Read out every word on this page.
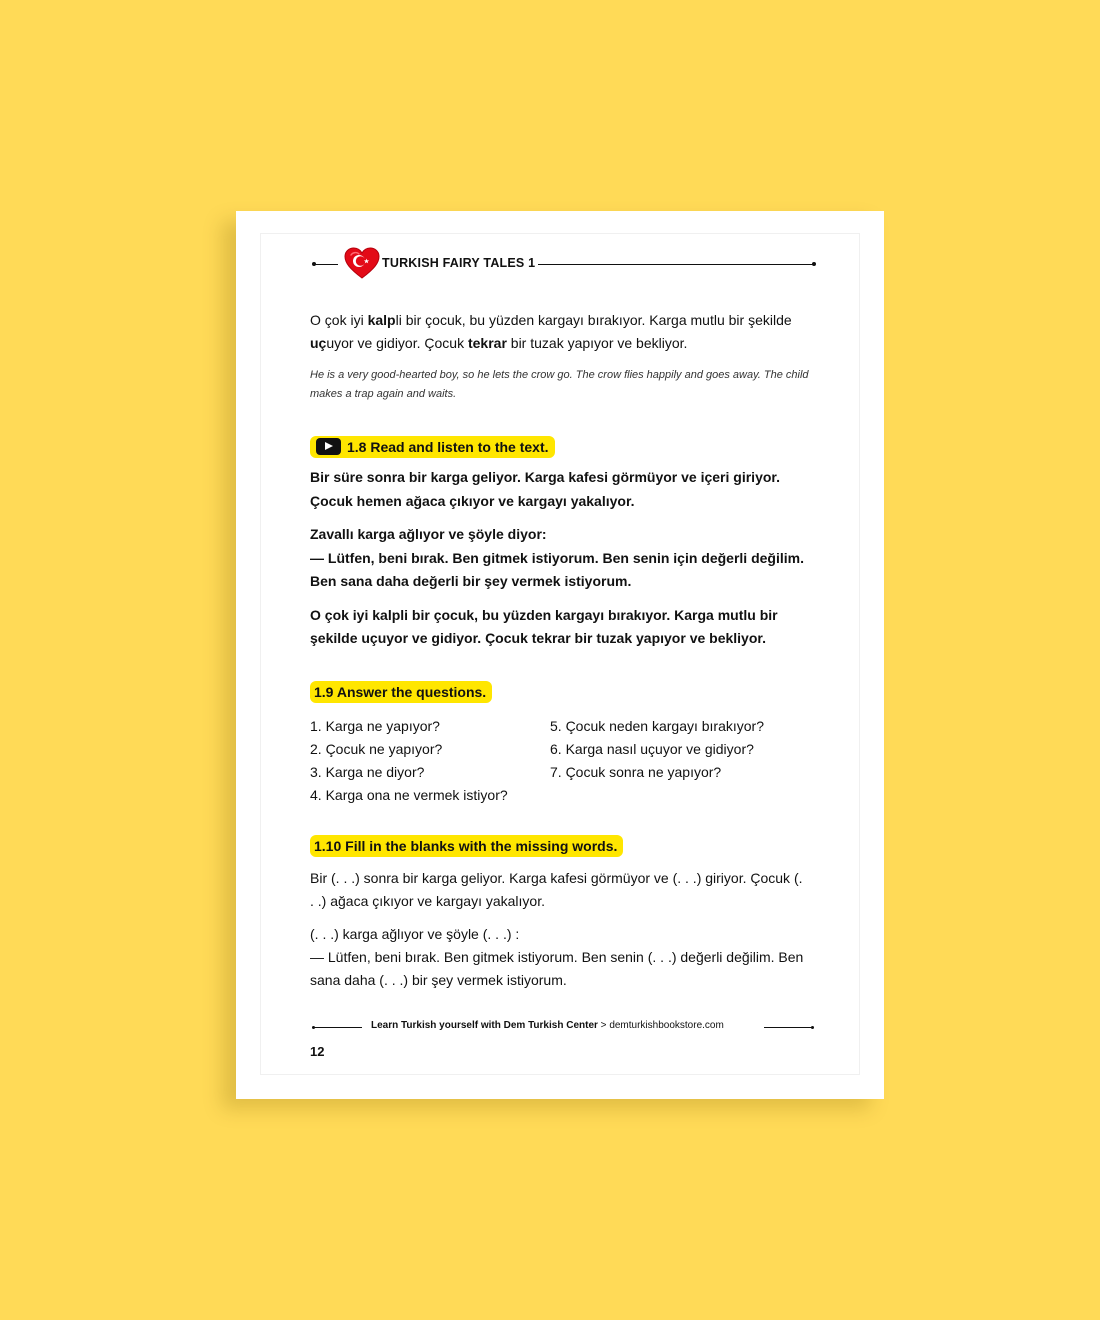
TURKISH FAIRY TALES 1

O çok iyi kalpli bir çocuk, bu yüzden kargayı bırakıyor. Karga mutlu bir şekilde uçuyor ve gidiyor. Çocuk tekrar bir tuzak yapıyor ve bekliyor.

He is a very good-hearted boy, so he lets the crow go. The crow flies happily and goes away. The child makes a trap again and waits.

1.8 Read and listen to the text.

Bir süre sonra bir karga geliyor. Karga kafesi görmüyor ve içeri giriyor. Çocuk hemen ağaca çıkıyor ve kargayı yakalıyor.

Zavallı karga ağlıyor ve şöyle diyor:

— Lütfen, beni bırak. Ben gitmek istiyorum. Ben senin için değerli değilim. Ben sana daha değerli bir şey vermek istiyorum.

O çok iyi kalpli bir çocuk, bu yüzden kargayı bırakıyor. Karga mutlu bir şekilde uçuyor ve gidiyor. Çocuk tekrar bir tuzak yapıyor ve bekliyor.

1.9 Answer the questions.
1. Karga ne yapıyor?
2. Çocuk ne yapıyor?
3. Karga ne diyor?
4. Karga ona ne vermek istiyor?
5. Çocuk neden kargayı bırakıyor?
6. Karga nasıl uçuyor ve gidiyor?
7. Çocuk sonra ne yapıyor?
1.10 Fill in the blanks with the missing words.

Bir (. . .) sonra bir karga geliyor. Karga kafesi görmüyor ve (. . .) giriyor. Çocuk (. . .) ağaca çıkıyor ve kargayı yakalıyor.

(. . .) karga ağlıyor ve şöyle (. . .) :

— Lütfen, beni bırak. Ben gitmek istiyorum. Ben senin (. . .) değerli değilim. Ben sana daha (. . .) bir şey vermek istiyorum.

Learn Turkish yourself with Dem Turkish Center > demturkishbookstore.com
12
